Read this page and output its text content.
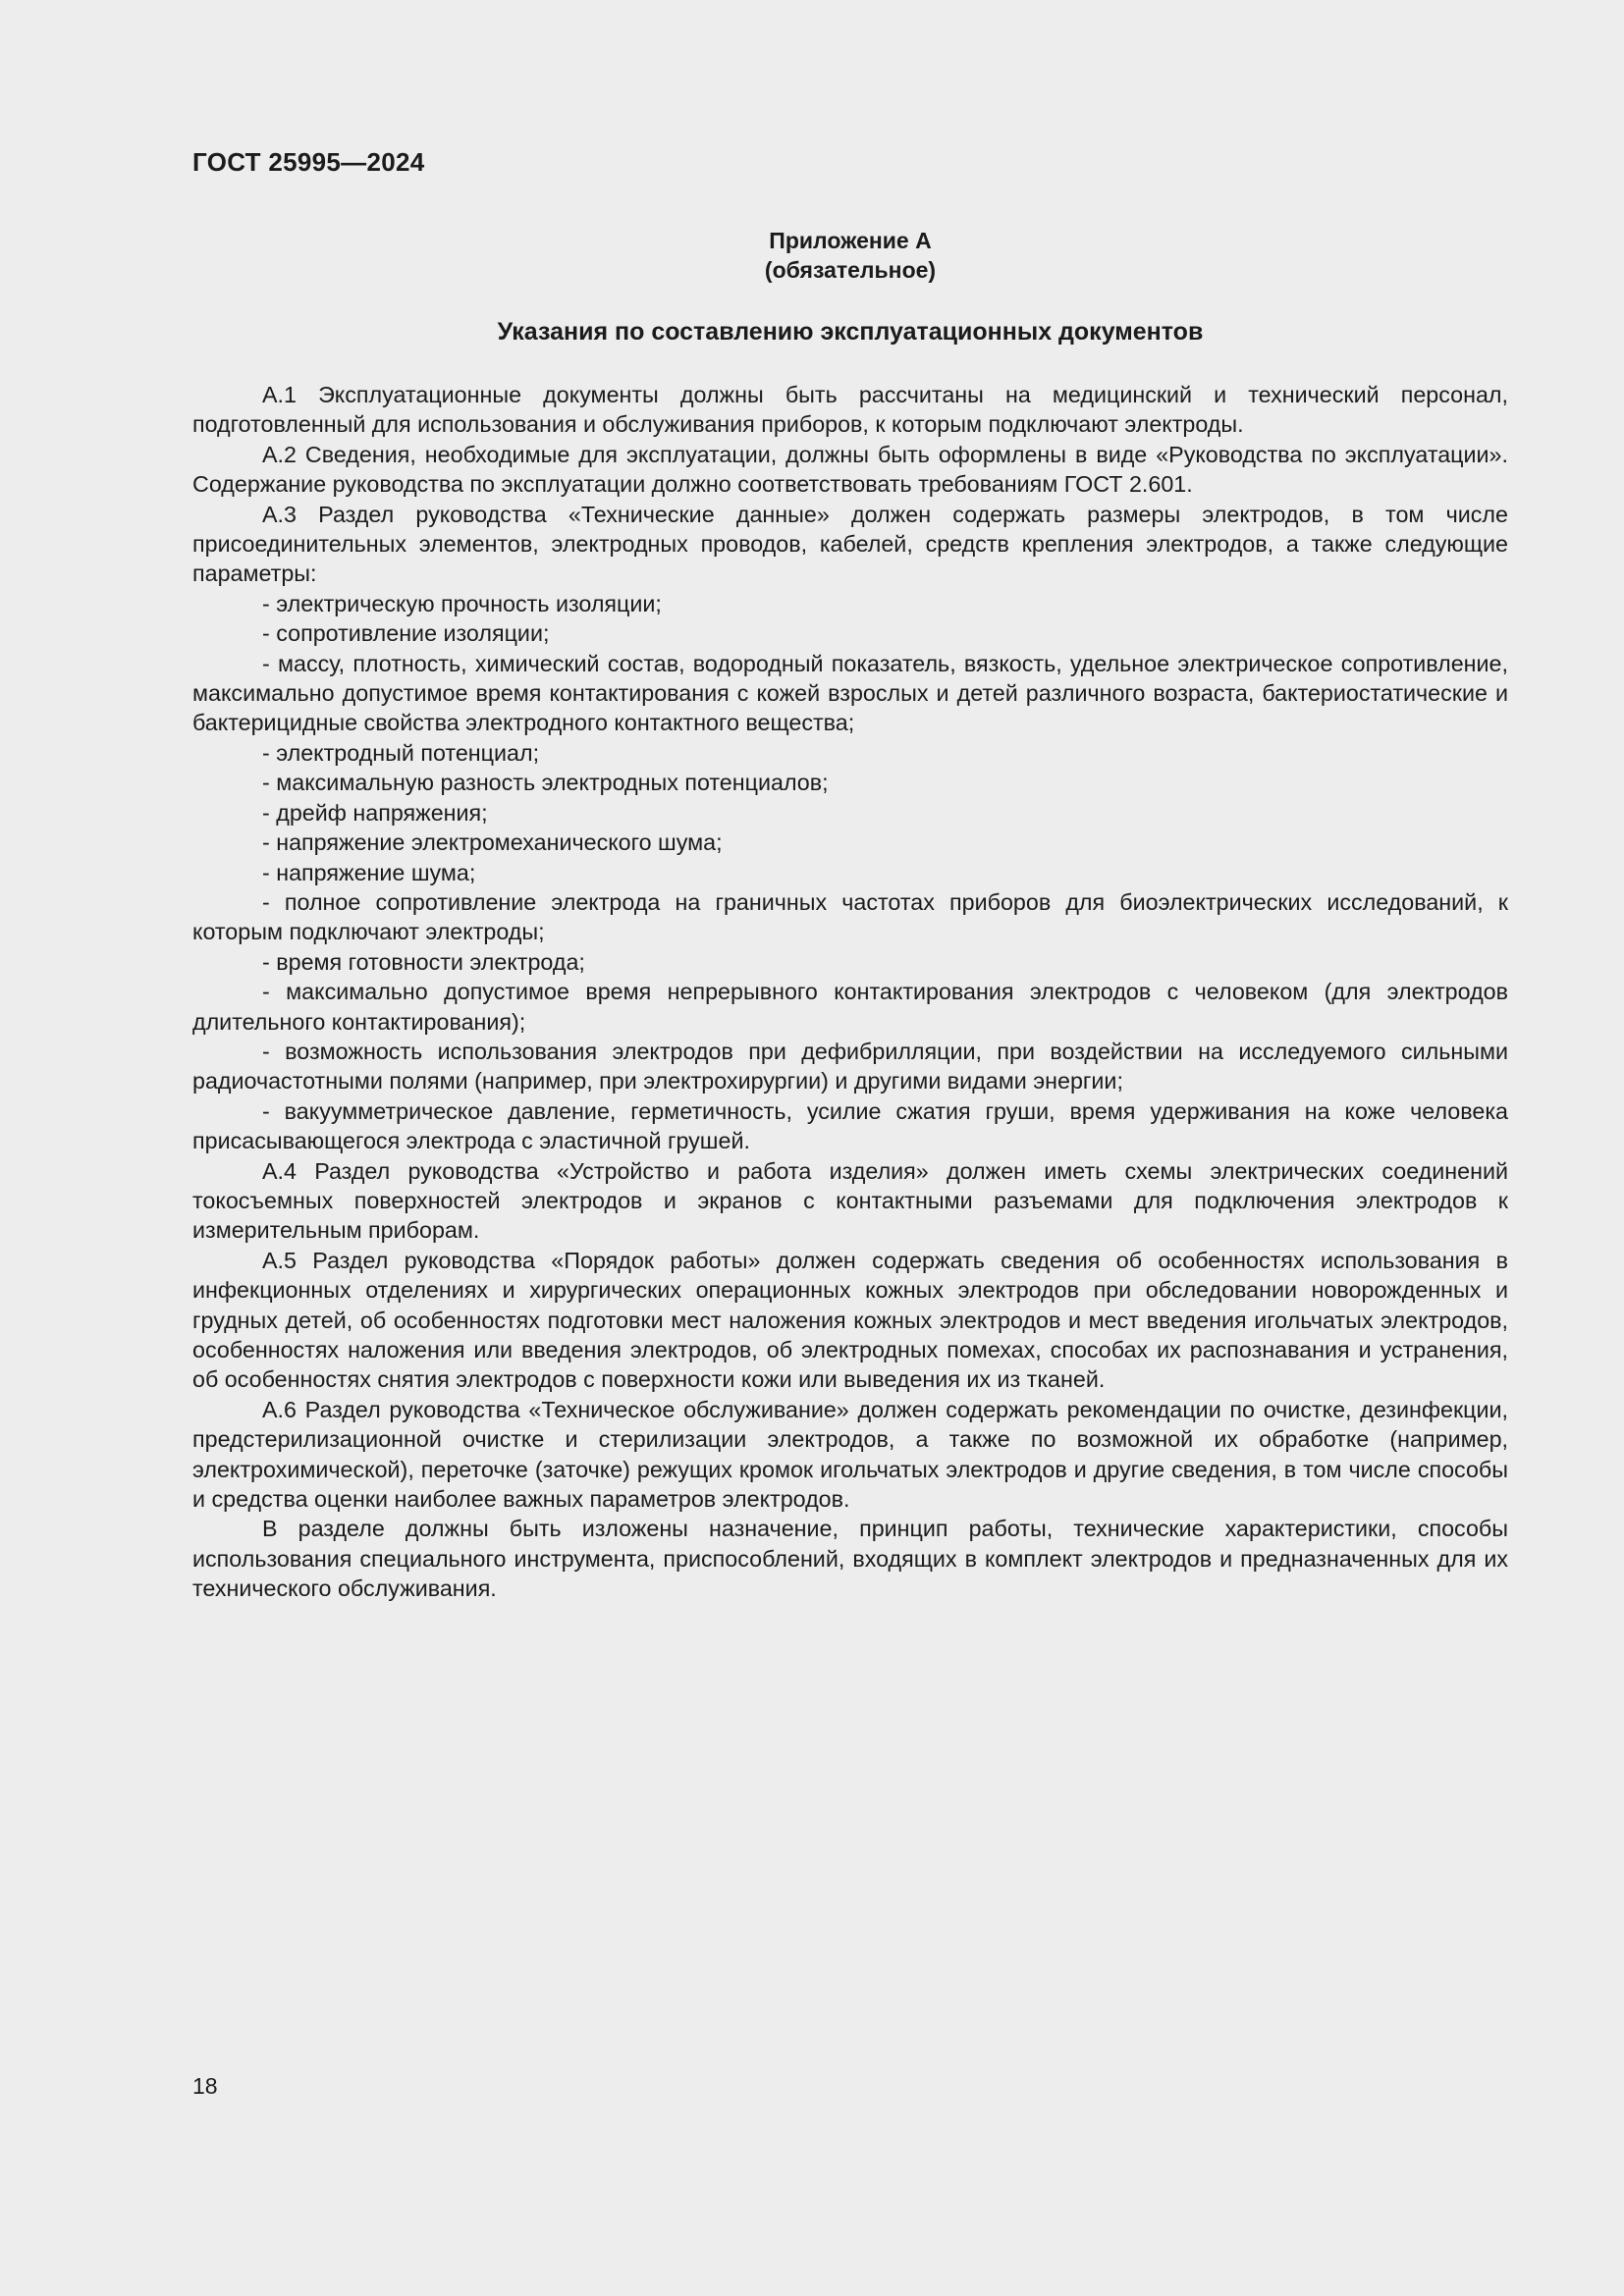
ГОСТ 25995—2024
Приложение А
(обязательное)
Указания по составлению эксплуатационных документов

А.1 Эксплуатационные документы должны быть рассчитаны на медицинский и технический персонал, подготовленный для использования и обслуживания приборов, к которым подключают электроды.

А.2 Сведения, необходимые для эксплуатации, должны быть оформлены в виде «Руководства по эксплуатации». Содержание руководства по эксплуатации должно соответствовать требованиям ГОСТ 2.601.

А.3 Раздел руководства «Технические данные» должен содержать размеры электродов, в том числе присоединительных элементов, электродных проводов, кабелей, средств крепления электродов, а также следующие параметры:

- электрическую прочность изоляции;

- сопротивление изоляции;

- массу, плотность, химический состав, водородный показатель, вязкость, удельное электрическое сопротивление, максимально допустимое время контактирования с кожей взрослых и детей различного возраста, бактериостатические и бактерицидные свойства электродного контактного вещества;

- электродный потенциал;

- максимальную разность электродных потенциалов;

- дрейф напряжения;

- напряжение электромеханического шума;

- напряжение шума;

- полное сопротивление электрода на граничных частотах приборов для биоэлектрических исследований, к которым подключают электроды;

- время готовности электрода;

- максимально допустимое время непрерывного контактирования электродов с человеком (для электродов длительного контактирования);

- возможность использования электродов при дефибрилляции, при воздействии на исследуемого сильными радиочастотными полями (например, при электрохирургии) и другими видами энергии;

- вакуумметрическое давление, герметичность, усилие сжатия груши, время удерживания на коже человека присасывающегося электрода с эластичной грушей.

А.4 Раздел руководства «Устройство и работа изделия» должен иметь схемы электрических соединений токосъемных поверхностей электродов и экранов с контактными разъемами для подключения электродов к измерительным приборам.

А.5 Раздел руководства «Порядок работы» должен содержать сведения об особенностях использования в инфекционных отделениях и хирургических операционных кожных электродов при обследовании новорожденных и грудных детей, об особенностях подготовки мест наложения кожных электродов и мест введения игольчатых электродов, особенностях наложения или введения электродов, об электродных помехах, способах их распознавания и устранения, об особенностях снятия электродов с поверхности кожи или выведения их из тканей.

А.6 Раздел руководства «Техническое обслуживание» должен содержать рекомендации по очистке, дезинфекции, предстерилизационной очистке и стерилизации электродов, а также по возможной их обработке (например, электрохимической), переточке (заточке) режущих кромок игольчатых электродов и другие сведения, в том числе способы и средства оценки наиболее важных параметров электродов.

В разделе должны быть изложены назначение, принцип работы, технические характеристики, способы использования специального инструмента, приспособлений, входящих в комплект электродов и предназначенных для их технического обслуживания.

18
